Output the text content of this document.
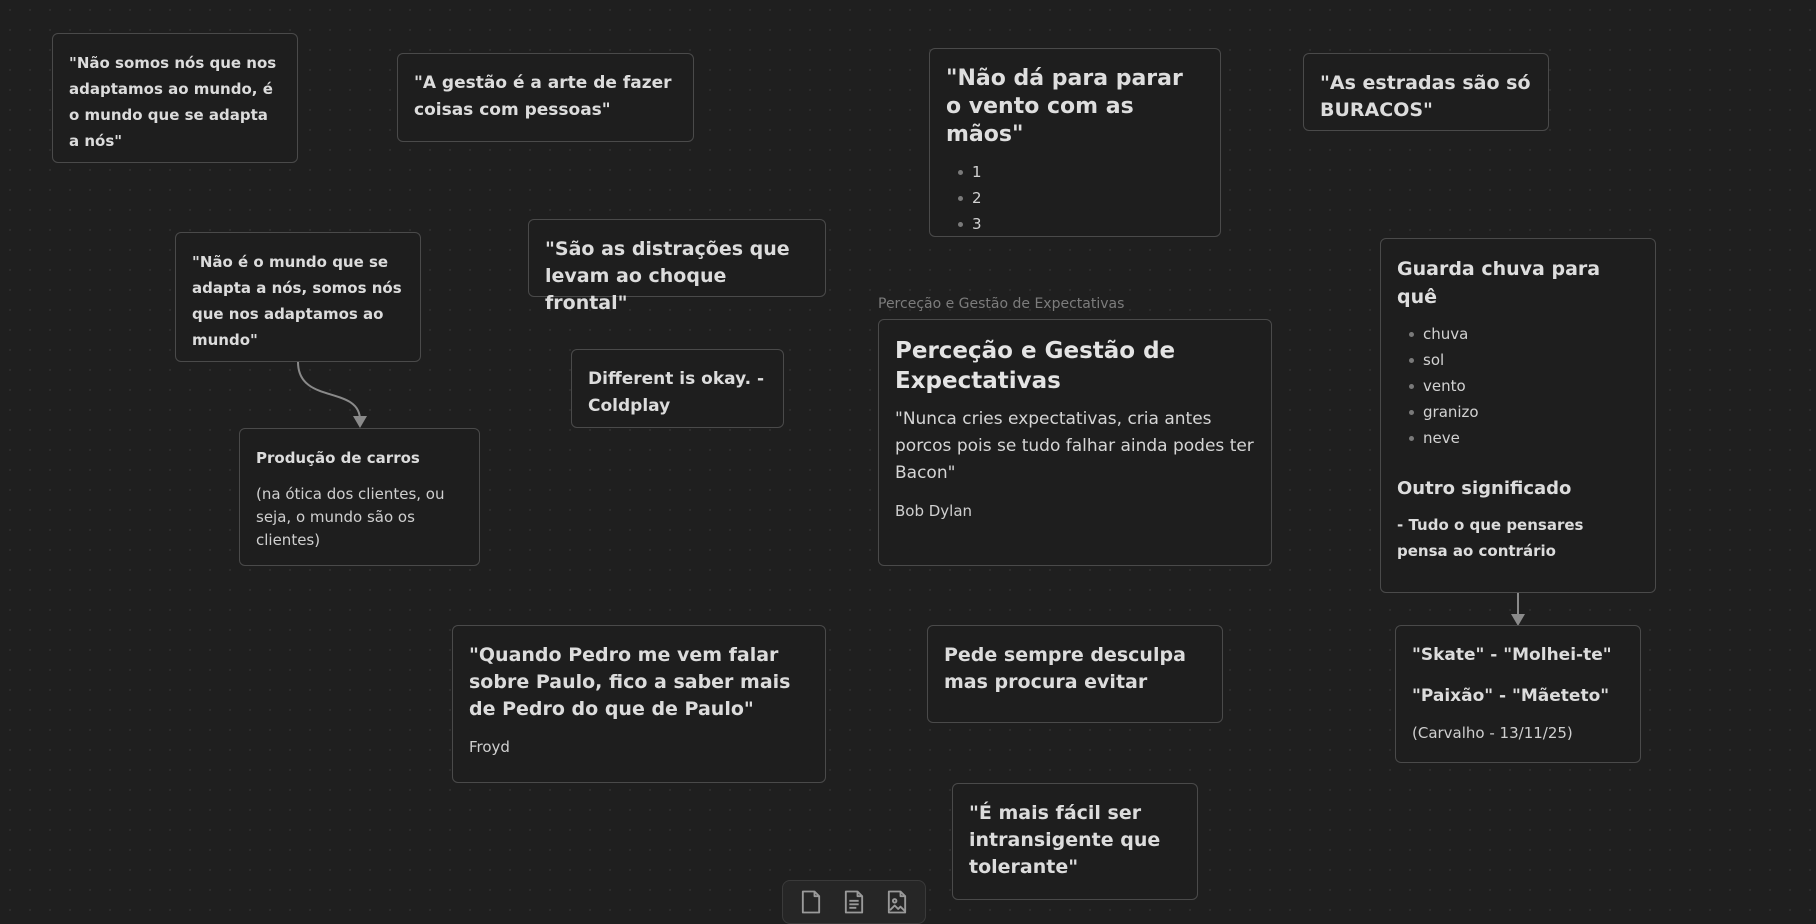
"Não somos nós que nos adaptamos ao mundo, é o mundo que se adapta a nós"

"A gestão é a arte de fazer coisas com pessoas"

"Não dá para parar o vento com as mãos"

1
2
3

"As estradas são só BURACOS"

"Não é o mundo que se adapta a nós, somos nós que nos adaptamos ao mundo"

"São as distrações que levam ao choque frontal"

Different is okay. - Coldplay

Produção de carros

(na ótica dos clientes, ou seja, o mundo são os clientes)

Perceção e Gestão de Expectativas

Perceção e Gestão de Expectativas

"Nunca cries expectativas, cria antes porcos pois se tudo falhar ainda podes ter Bacon"

Bob Dylan

Guarda chuva para quê

chuva
sol
vento
granizo
neve

Outro significado

- Tudo o que pensares pensa ao contrário

"Quando Pedro me vem falar sobre Paulo, fico a saber mais de Pedro do que de Paulo"

Froyd

Pede sempre desculpa mas procura evitar

"Skate" - "Molhei-te"

"Paixão" - "Mãeteto"

(Carvalho - 13/11/25)

"É mais fácil ser intransigente que tolerante"
